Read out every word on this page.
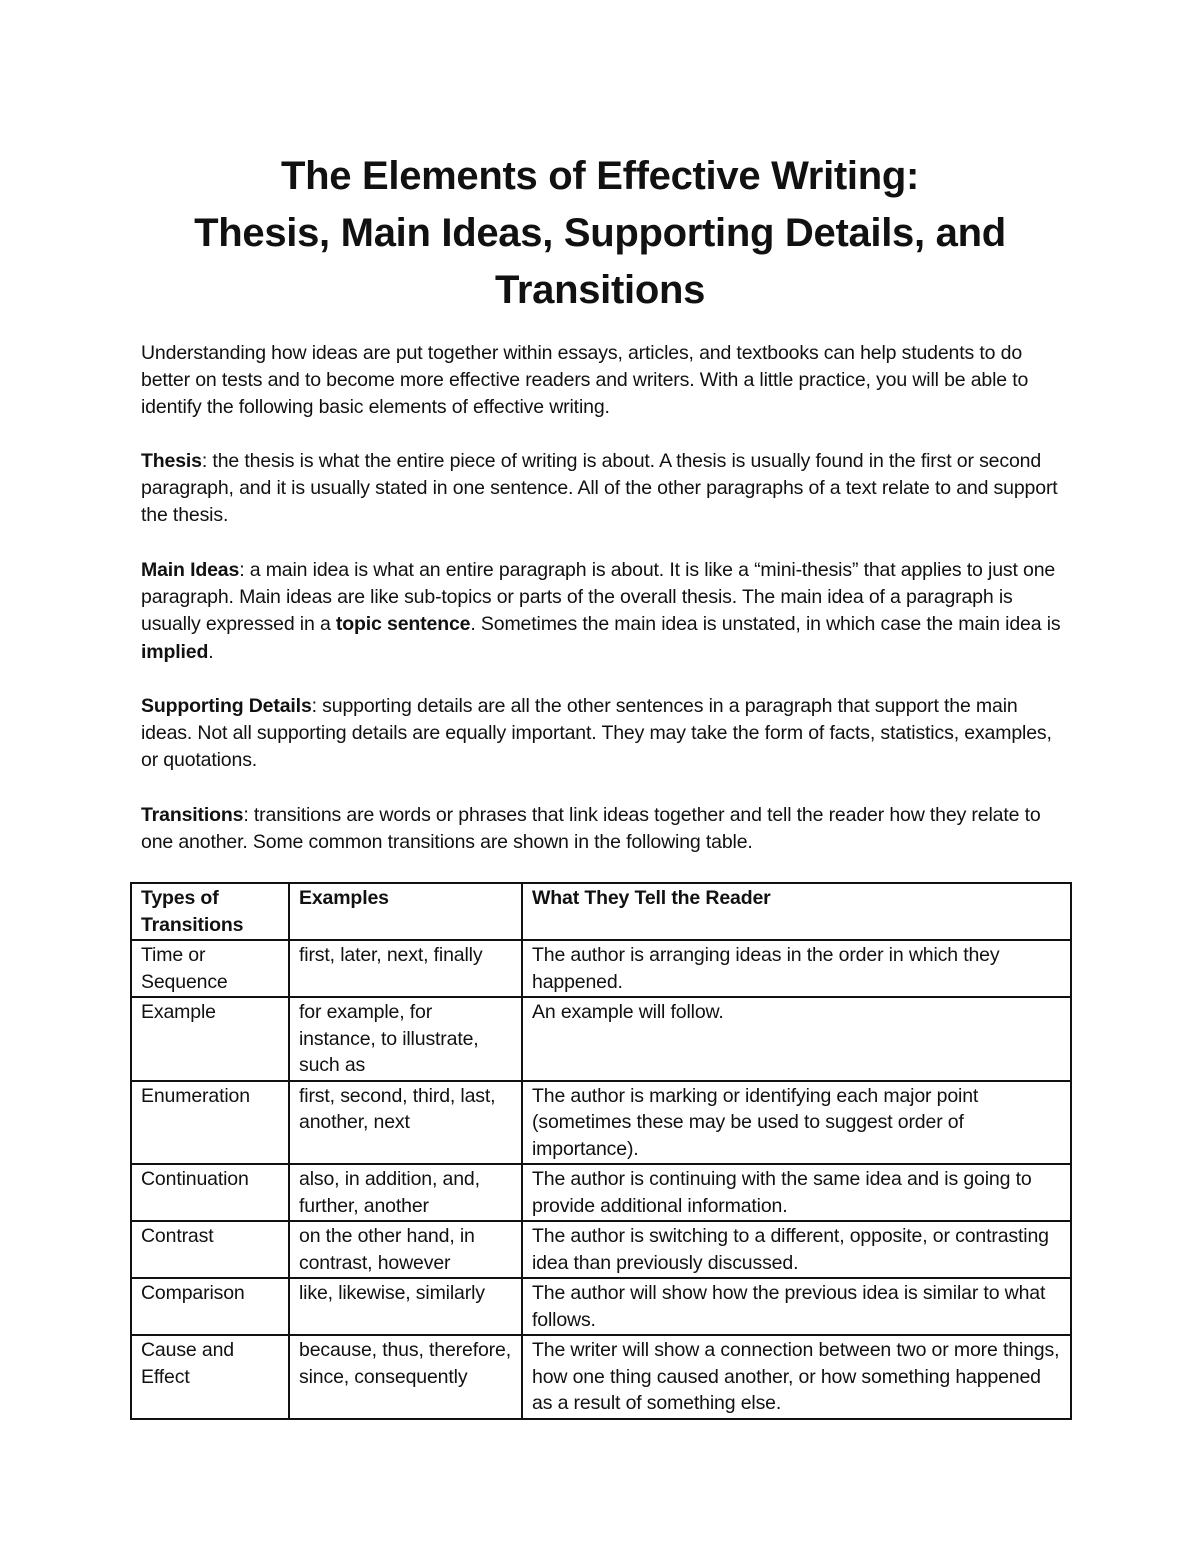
The Elements of Effective Writing:
Thesis, Main Ideas, Supporting Details, and
Transitions
Understanding how ideas are put together within essays, articles, and textbooks can help students to do better on tests and to become more effective readers and writers. With a little practice, you will be able to identify the following basic elements of effective writing.
Thesis: the thesis is what the entire piece of writing is about. A thesis is usually found in the first or second paragraph, and it is usually stated in one sentence. All of the other paragraphs of a text relate to and support the thesis.
Main Ideas: a main idea is what an entire paragraph is about. It is like a “mini-thesis” that applies to just one paragraph. Main ideas are like sub-topics or parts of the overall thesis. The main idea of a paragraph is usually expressed in a topic sentence. Sometimes the main idea is unstated, in which case the main idea is implied.
Supporting Details: supporting details are all the other sentences in a paragraph that support the main ideas. Not all supporting details are equally important. They may take the form of facts, statistics, examples, or quotations.
Transitions: transitions are words or phrases that link ideas together and tell the reader how they relate to one another. Some common transitions are shown in the following table.
Types of Transitions	Examples	What They Tell the Reader
Time or Sequence	first, later, next, finally	The author is arranging ideas in the order in which they happened.
Example	for example, for instance, to illustrate, such as	An example will follow.
Enumeration	first, second, third, last, another, next	The author is marking or identifying each major point (sometimes these may be used to suggest order of importance).
Continuation	also, in addition, and, further, another	The author is continuing with the same idea and is going to provide additional information.
Contrast	on the other hand, in contrast, however	The author is switching to a different, opposite, or contrasting idea than previously discussed.
Comparison	like, likewise, similarly	The author will show how the previous idea is similar to what follows.
Cause and Effect	because, thus, therefore, since, consequently	The writer will show a connection between two or more things, how one thing caused another, or how something happened as a result of something else.
